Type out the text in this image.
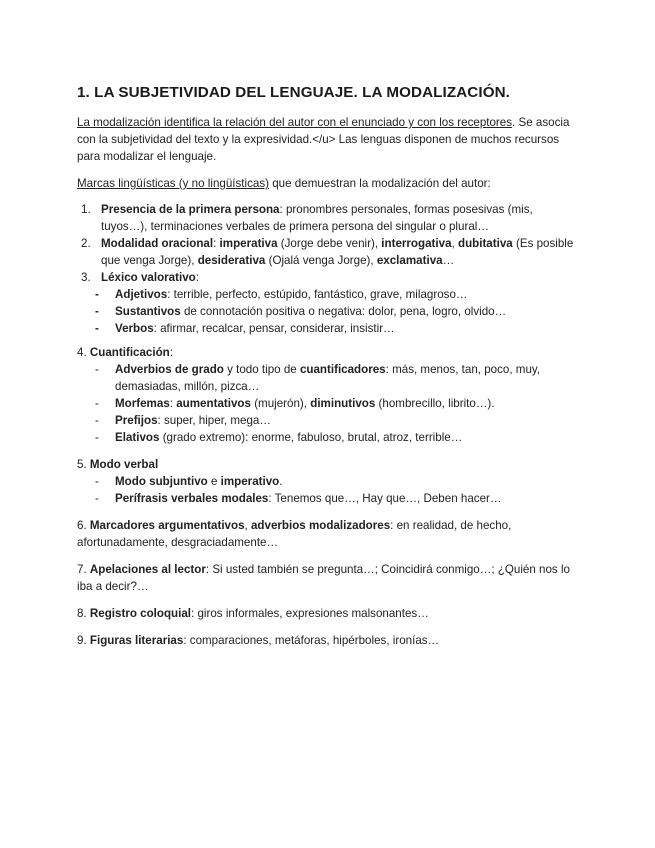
1. LA SUBJETIVIDAD DEL LENGUAJE. LA MODALIZACIÓN.

La modalización identifica la relación del autor con el enunciado y con los receptores. Se asocia con la subjetividad del texto y la expresividad.</u> Las lenguas disponen de muchos recursos para modalizar el lenguaje.

Marcas lingüísticas (y no lingüísticas) que demuestran la modalización del autor:

1. Presencia de la primera persona: pronombres personales, formas posesivas (mis, tuyos…), terminaciones verbales de primera persona del singular o plural…
2. Modalidad oracional: imperativa (Jorge debe venir), interrogativa, dubitativa (Es posible que venga Jorge), desiderativa (Ojalá venga Jorge), exclamativa…
3. Léxico valorativo:
- Adjetivos: terrible, perfecto, estúpido, fantástico, grave, milagroso…
- Sustantivos de connotación positiva o negativa: dolor, pena, logro, olvido…
- Verbos: afirmar, recalcar, pensar, considerar, insistir…

4. Cuantificación:

- Adverbios de grado y todo tipo de cuantificadores: más, menos, tan, poco, muy, demasiadas, millón, pizca…
- Morfemas: aumentativos (mujerón), diminutivos (hombrecillo, librito…).
- Prefijos: super, hiper, mega…
- Elativos (grado extremo): enorme, fabuloso, brutal, atroz, terrible…

5. Modo verbal

- Modo subjuntivo e imperativo.
- Perífrasis verbales modales: Tenemos que…, Hay que…, Deben hacer…

6. Marcadores argumentativos, adverbios modalizadores: en realidad, de hecho, afortunadamente, desgraciadamente…

7. Apelaciones al lector: Si usted también se pregunta…; Coincidirá conmigo…; ¿Quién nos lo iba a decir?…

8. Registro coloquial: giros informales, expresiones malsonantes…

9. Figuras literarias: comparaciones, metáforas, hipérboles, ironías…
